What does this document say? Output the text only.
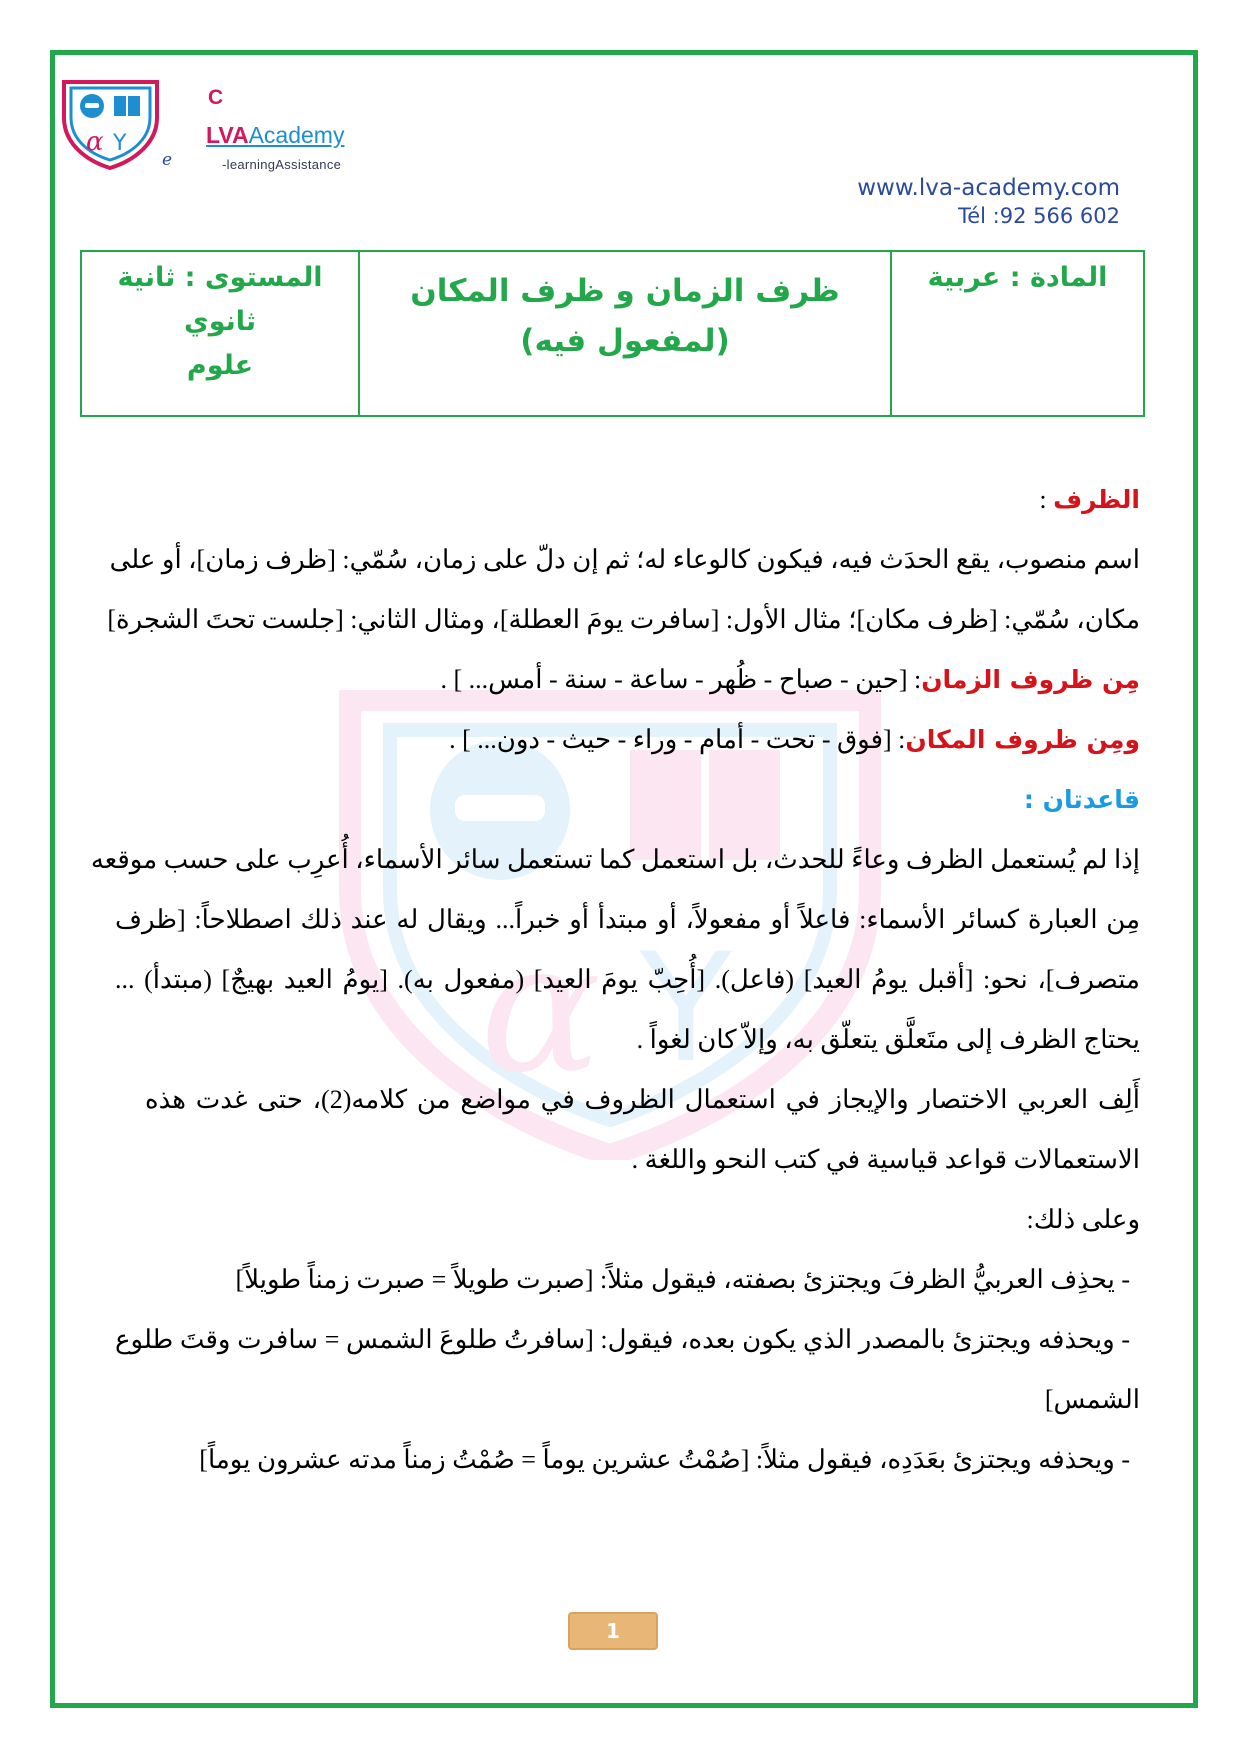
α Y
e
C
LVAAcademy
-learningAssistance
www.lva-academy.com
Tél :92 566 602
المستوى : ثانية
ثانوي
علوم
ظرف الزمان و ظرف المكان
(لمفعول فيه)
المادة : عربية
α Y
الظرف :
اسم منصوب، يقع الحدَث فيه، فيكون كالوعاء له؛ ثم إن دلّ على زمان، سُمّي: [ظرف زمان]، أو على
مكان، سُمّي: [ظرف مكان]؛ مثال الأول: [سافرت يومَ العطلة]، ومثال الثاني: [جلست تحتَ الشجرة]
مِن ظروف الزمان: [حين - صباح - ظُهر - ساعة - سنة - أمس... ] .
ومِن ظروف المكان: [فوق - تحت - أمام - وراء - حيث - دون... ] .
قاعدتان :
إذا لم يُستعمل الظرف وعاءً للحدث، بل استعمل كما تستعمل سائر الأسماء، أُعرِب على حسب موقعه
مِن العبارة كسائر الأسماء: فاعلاً أو مفعولاً، أو مبتدأ أو خبراً... ويقال له عند ذلك اصطلاحاً: [ظرف
متصرف]، نحو: [أقبل يومُ العيد] (فاعل). [أُحِبّ يومَ العيد] (مفعول به). [يومُ العيد بهيجٌ] (مبتدأ) ...
يحتاج الظرف إلى متَعلَّق يتعلّق به، وإلاّ كان لغواً .
أَلِف العربي الاختصار والإيجاز في استعمال الظروف في مواضع من كلامه(2)، حتى غدت هذه
الاستعمالات قواعد قياسية في كتب النحو واللغة .
وعلى ذلك:
- يحذِف العربيُّ الظرفَ ويجتزئ بصفته، فيقول مثلاً: [صبرت طويلاً = صبرت زمناً طويلاً]
- ويحذفه ويجتزئ بالمصدر الذي يكون بعده، فيقول: [سافرتُ طلوعَ الشمس = سافرت وقتَ طلوع
الشمس]
- ويحذفه ويجتزئ بعَدَدِه، فيقول مثلاً: [صُمْتُ عشرين يوماً = صُمْتُ زمناً مدته عشرون يوماً]
1
